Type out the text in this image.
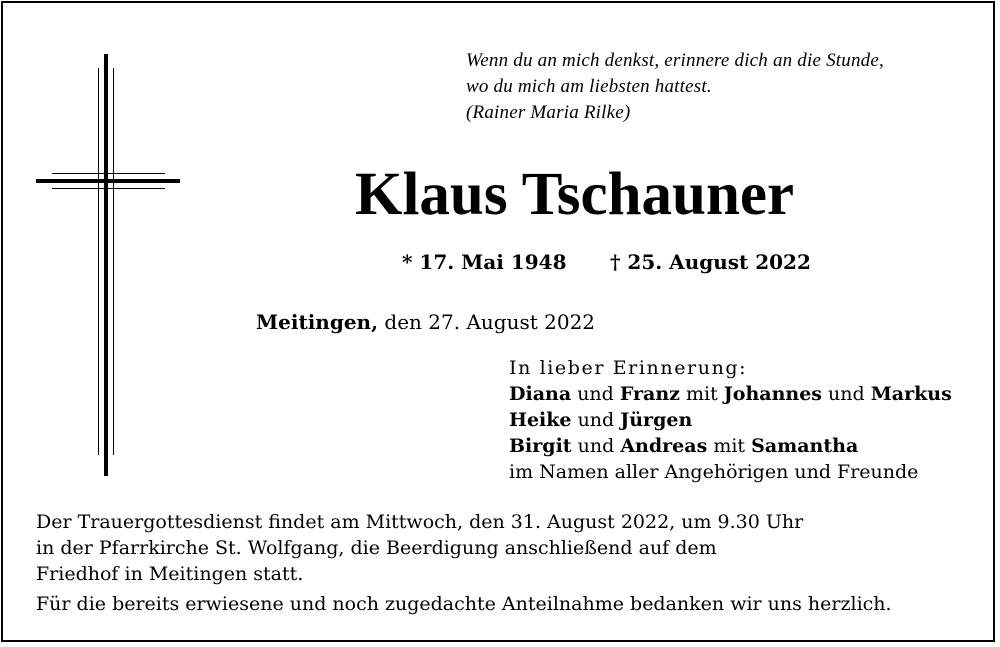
Wenn du an mich denkst, erinnere dich an die Stunde,
wo du mich am liebsten hattest.
(Rainer Maria Rilke)
Klaus Tschauner
* 17. Mai 1948 † 25. August 2022
Meitingen, den 27. August 2022
In lieber Erinnerung:
Diana und Franz mit Johannes und Markus
Heike und Jürgen
Birgit und Andreas mit Samantha
im Namen aller Angehörigen und Freunde
Der Trauergottesdienst findet am Mittwoch, den 31. August 2022, um 9.30 Uhr
in der Pfarrkirche St. Wolfgang, die Beerdigung anschließend auf dem
Friedhof in Meitingen statt.
Für die bereits erwiesene und noch zugedachte Anteilnahme bedanken wir uns herzlich.
